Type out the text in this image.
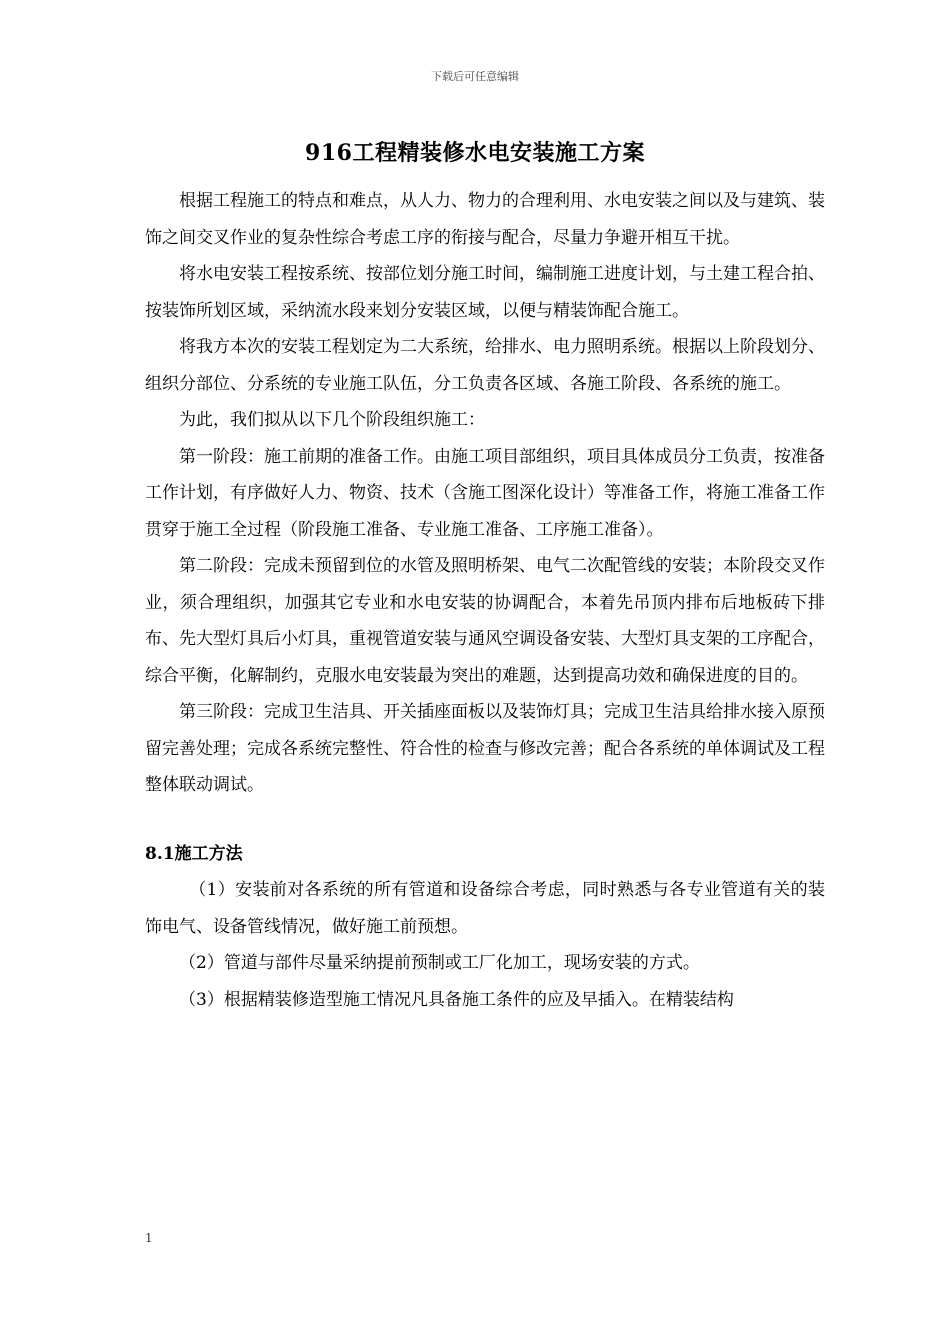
下载后可任意编辑
916工程精装修水电安装施工方案

根据工程施工的特点和难点，从人力、物力的合理利用、水电安装之间以及与建筑、装饰之间交叉作业的复杂性综合考虑工序的衔接与配合，尽量力争避开相互干扰。

将水电安装工程按系统、按部位划分施工时间，编制施工进度计划，与土建工程合拍、按装饰所划区域，采纳流水段来划分安装区域，以便与精装饰配合施工。

将我方本次的安装工程划定为二大系统，给排水、电力照明系统。根据以上阶段划分、组织分部位、分系统的专业施工队伍，分工负责各区域、各施工阶段、各系统的施工。

为此，我们拟从以下几个阶段组织施工：

第一阶段：施工前期的准备工作。由施工项目部组织，项目具体成员分工负责，按准备工作计划，有序做好人力、物资、技术（含施工图深化设计）等准备工作，将施工准备工作贯穿于施工全过程（阶段施工准备、专业施工准备、工序施工准备）。

第二阶段：完成未预留到位的水管及照明桥架、电气二次配管线的安装；本阶段交叉作业，须合理组织，加强其它专业和水电安装的协调配合，本着先吊顶内排布后地板砖下排布、先大型灯具后小灯具，重视管道安装与通风空调设备安装、大型灯具支架的工序配合，综合平衡，化解制约，克服水电安装最为突出的难题，达到提高功效和确保进度的目的。

第三阶段：完成卫生洁具、开关插座面板以及装饰灯具；完成卫生洁具给排水接入原预留完善处理；完成各系统完整性、符合性的检查与修改完善；配合各系统的单体调试及工程整体联动调试。

8.1施工方法

（1）安装前对各系统的所有管道和设备综合考虑，同时熟悉与各专业管道有关的装饰电气、设备管线情况，做好施工前预想。

（2）管道与部件尽量采纳提前预制或工厂化加工，现场安装的方式。

（3）根据精装修造型施工情况凡具备施工条件的应及早插入。在精装结构

1
